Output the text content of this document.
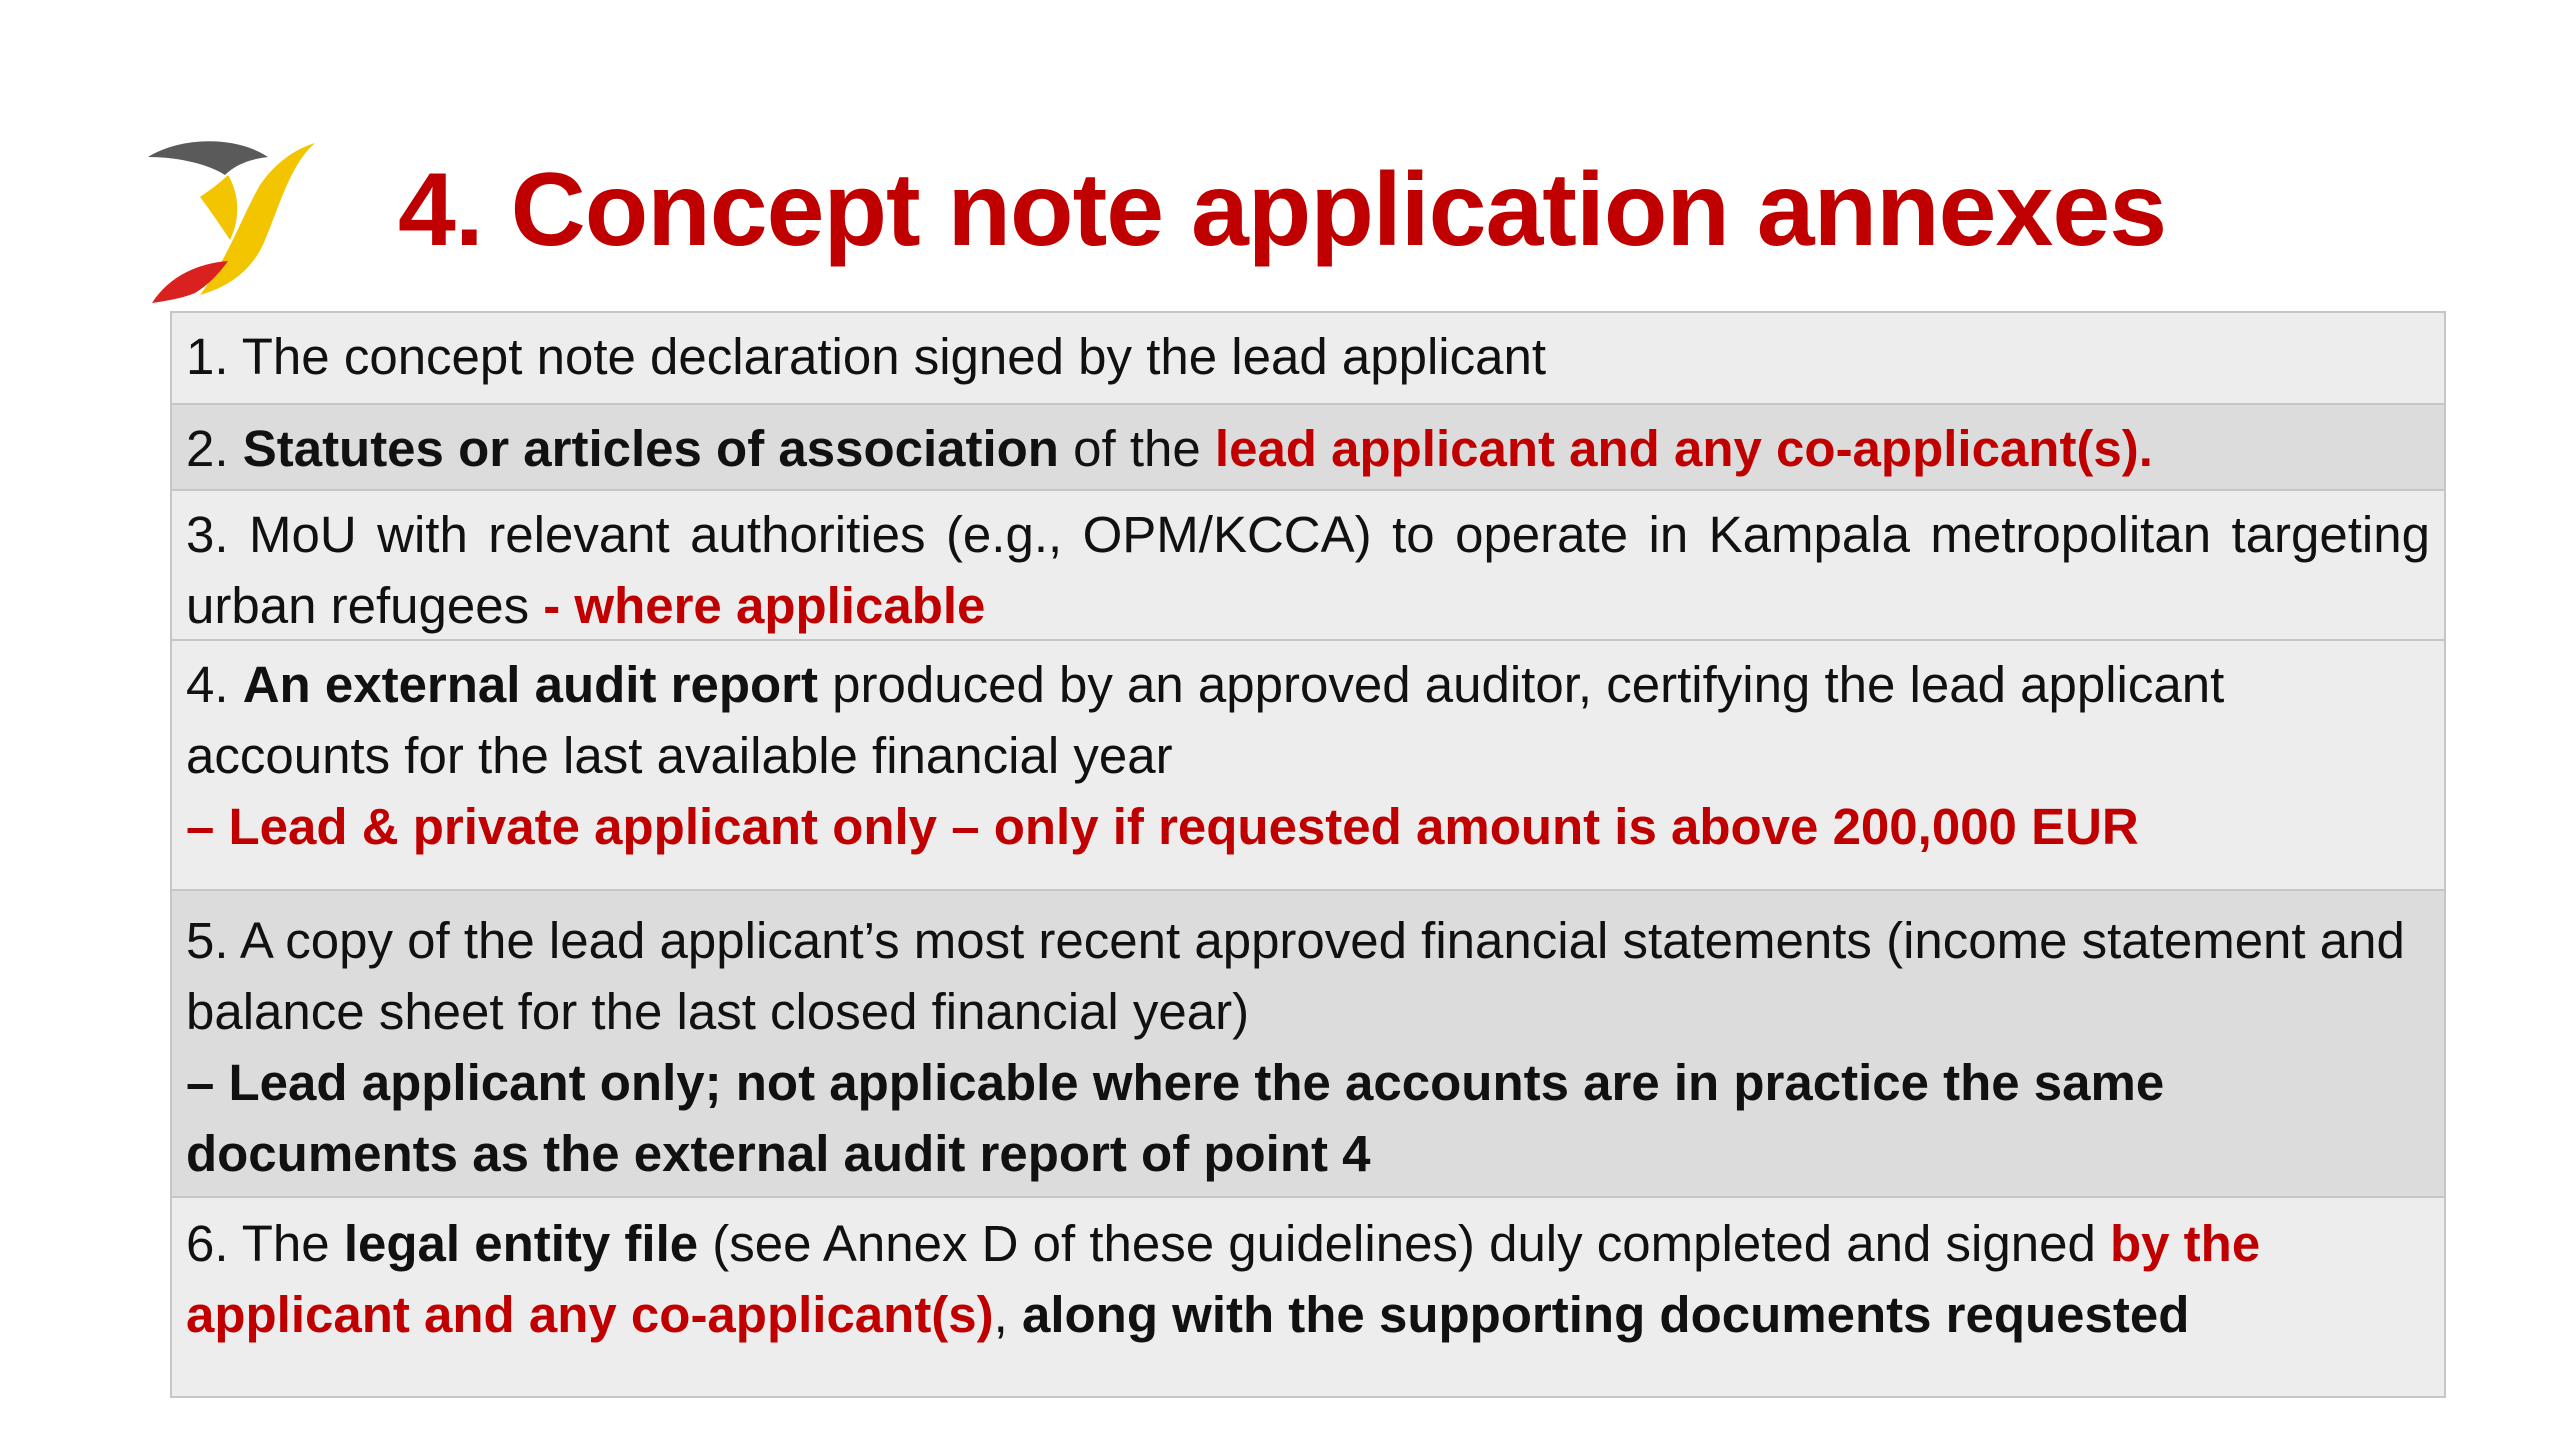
4. Concept note application annexes
1. The concept note declaration signed by the lead applicant
2. Statutes or articles of association of the lead applicant and any co-applicant(s).
3. MoU with relevant authorities (e.g., OPM/KCCA) to operate in Kampala metropolitan targeting urban refugees - where applicable
4. An external audit report produced by an approved auditor, certifying the lead applicant accounts for the last available financial year
– Lead & private applicant only – only if requested amount is above 200,000 EUR
5. A copy of the lead applicant’s most recent approved financial statements (income statement and balance sheet for the last closed financial year)
– Lead applicant only; not applicable where the accounts are in practice the same documents as the external audit report of point 4
6. The legal entity file (see Annex D of these guidelines) duly completed and signed by the applicant and any co-applicant(s), along with the supporting documents requested
